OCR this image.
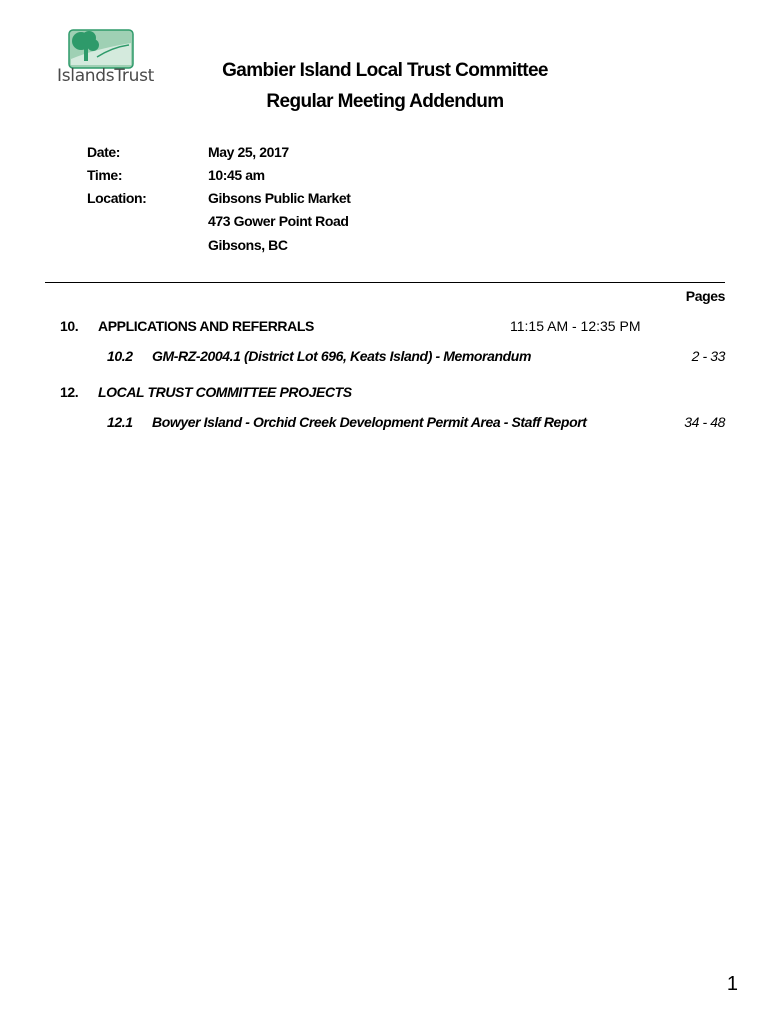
IslandsTrust	Gambier Island Local Trust Committee
Regular Meeting Addendum
Date:	May 25, 2017
Time:	10:45 am
Location:	Gibsons Public Market
473 Gower Point Road
Gibsons, BC
Pages
10. APPLICATIONS AND REFERRALS	11:15 AM - 12:35 PM
10.2 GM-RZ-2004.1 (District Lot 696, Keats Island) - Memorandum	2 - 33
12. LOCAL TRUST COMMITTEE PROJECTS
12.1 Bowyer Island - Orchid Creek Development Permit Area - Staff Report	34 - 48
1
